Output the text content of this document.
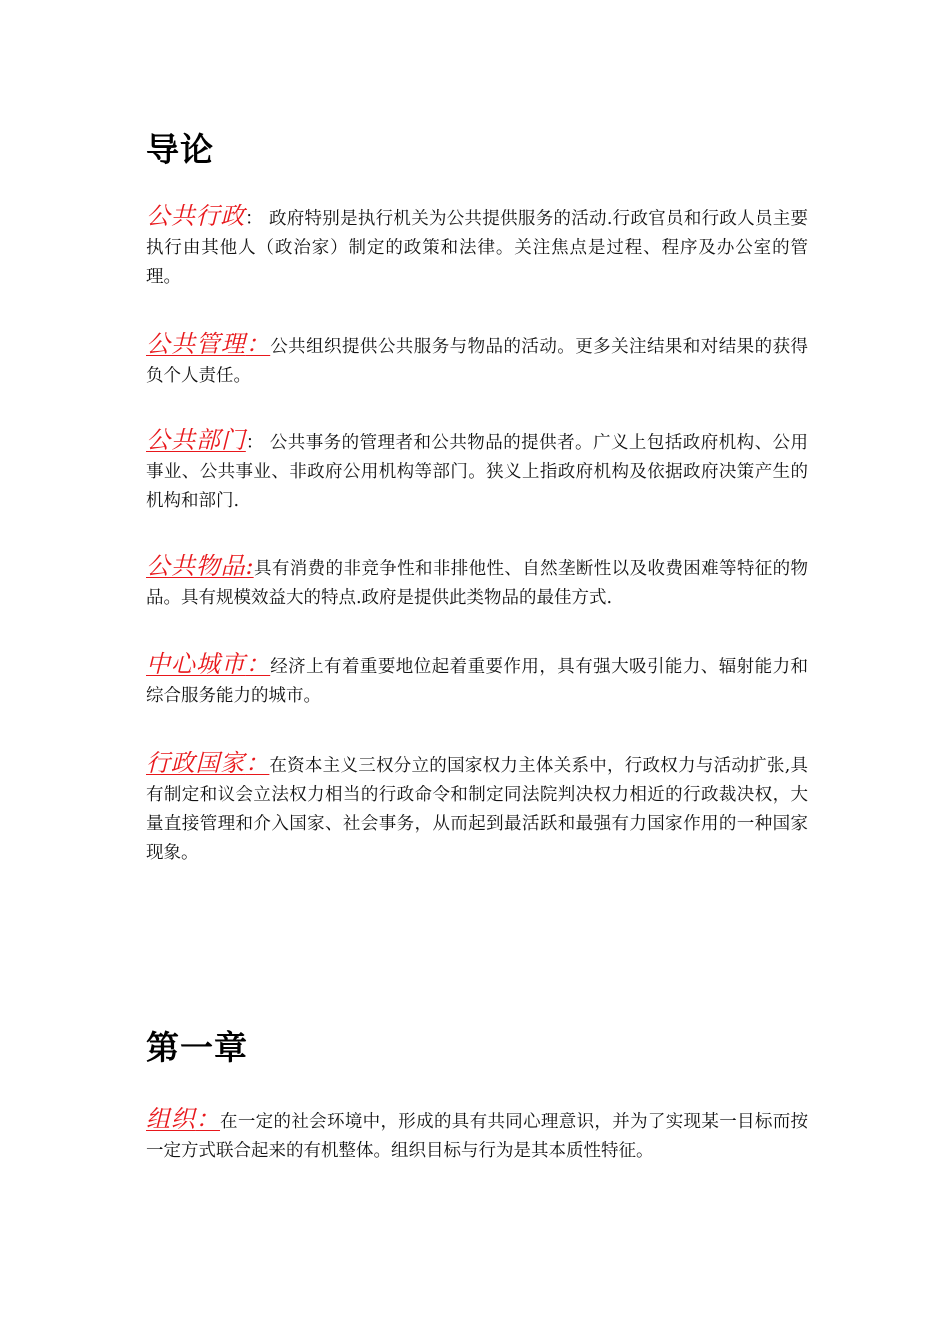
导论
公共行政： 政府特别是执行机关为公共提供服务的活动.行政官员和行政人员主要执行由其他人（政治家）制定的政策和法律。关注焦点是过程、程序及办公室的管理。
公共管理：公共组织提供公共服务与物品的活动。更多关注结果和对结果的获得负个人责任。
公共部门： 公共事务的管理者和公共物品的提供者。广义上包括政府机构、公用事业、公共事业、非政府公用机构等部门。狭义上指政府机构及依据政府决策产生的机构和部门.
公共物品:具有消费的非竞争性和非排他性、自然垄断性以及收费困难等特征的物品。具有规模效益大的特点.政府是提供此类物品的最佳方式.
中心城市：经济上有着重要地位起着重要作用，具有强大吸引能力、辐射能力和综合服务能力的城市。
行政国家：在资本主义三权分立的国家权力主体关系中，行政权力与活动扩张,具有制定和议会立法权力相当的行政命令和制定同法院判决权力相近的行政裁决权，大量直接管理和介入国家、社会事务，从而起到最活跃和最强有力国家作用的一种国家现象。
第一章
组织：在一定的社会环境中，形成的具有共同心理意识，并为了实现某一目标而按一定方式联合起来的有机整体。组织目标与行为是其本质性特征。
